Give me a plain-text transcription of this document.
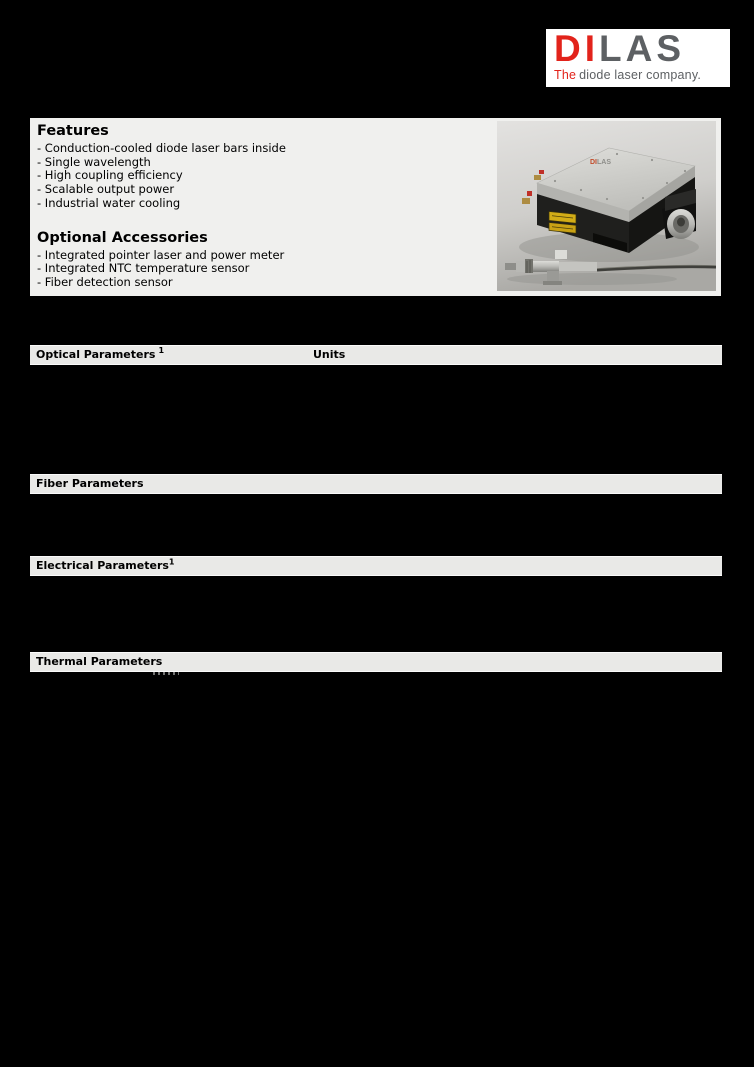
DILAS
The diode laser company.
Features
- Conduction-cooled diode laser bars inside
- Single wavelength
- High coupling efficiency
- Scalable output power
- Industrial water cooling
Optional Accessories
- Integrated pointer laser and power meter
- Integrated NTC temperature sensor
- Fiber detection sensor
DILAS
Optical Parameters $^1$	Units
Fiber Parameters
Electrical Parameters$^1$
Thermal Parameters
